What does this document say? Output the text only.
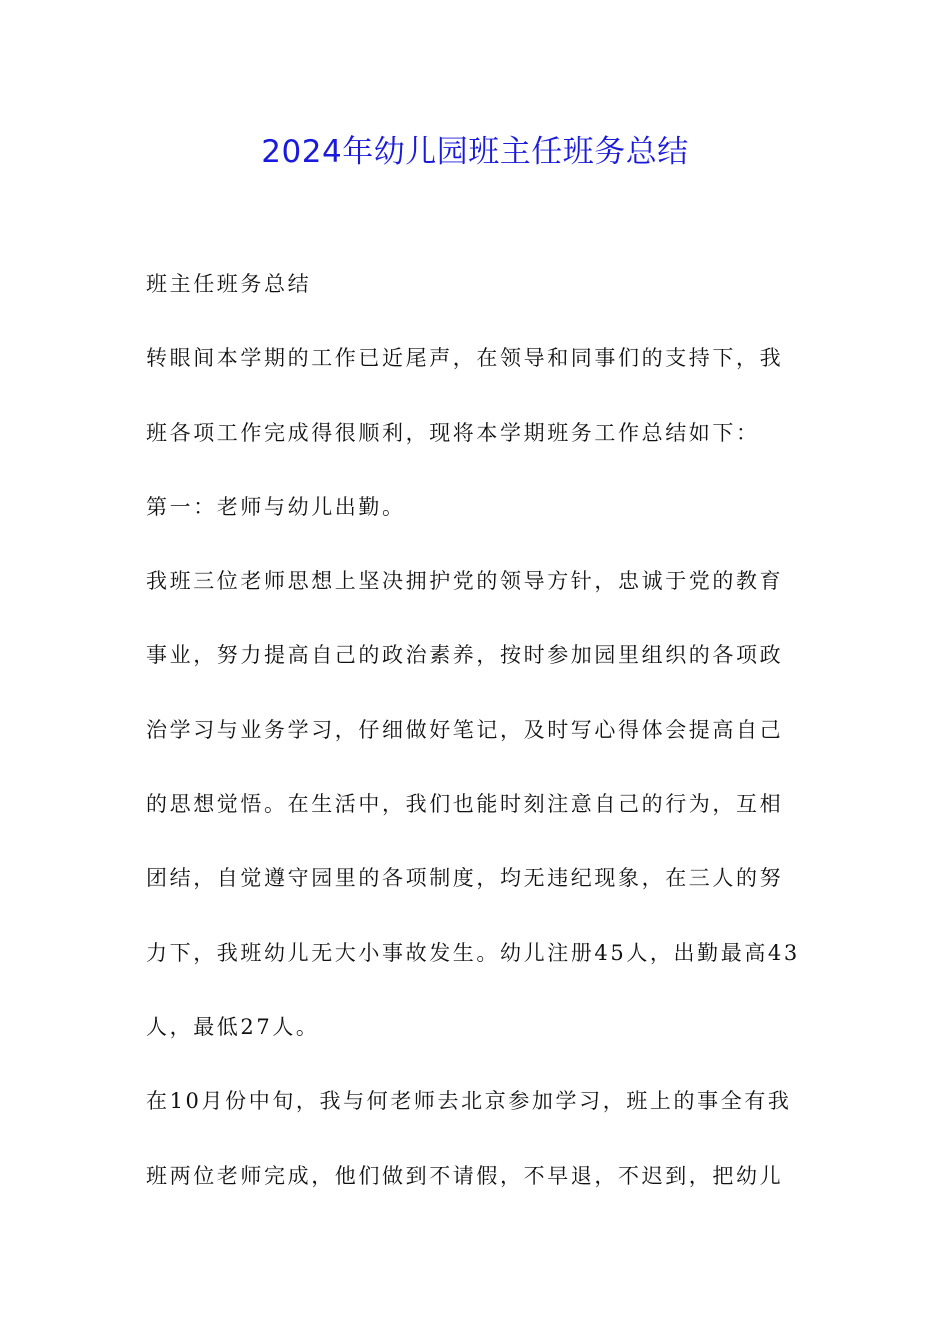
2024年幼儿园班主任班务总结

班主任班务总结

转眼间本学期的工作已近尾声，在领导和同事们的支持下，我

班各项工作完成得很顺利，现将本学期班务工作总结如下：

第一：老师与幼儿出勤。

我班三位老师思想上坚决拥护党的领导方针，忠诚于党的教育

事业，努力提高自己的政治素养，按时参加园里组织的各项政

治学习与业务学习，仔细做好笔记，及时写心得体会提高自己

的思想觉悟。在生活中，我们也能时刻注意自己的行为，互相

团结，自觉遵守园里的各项制度，均无违纪现象，在三人的努

力下，我班幼儿无大小事故发生。幼儿注册45人，出勤最高43

人，最低27人。

在10月份中旬，我与何老师去北京参加学习，班上的事全有我

班两位老师完成，他们做到不请假，不早退，不迟到，把幼儿
